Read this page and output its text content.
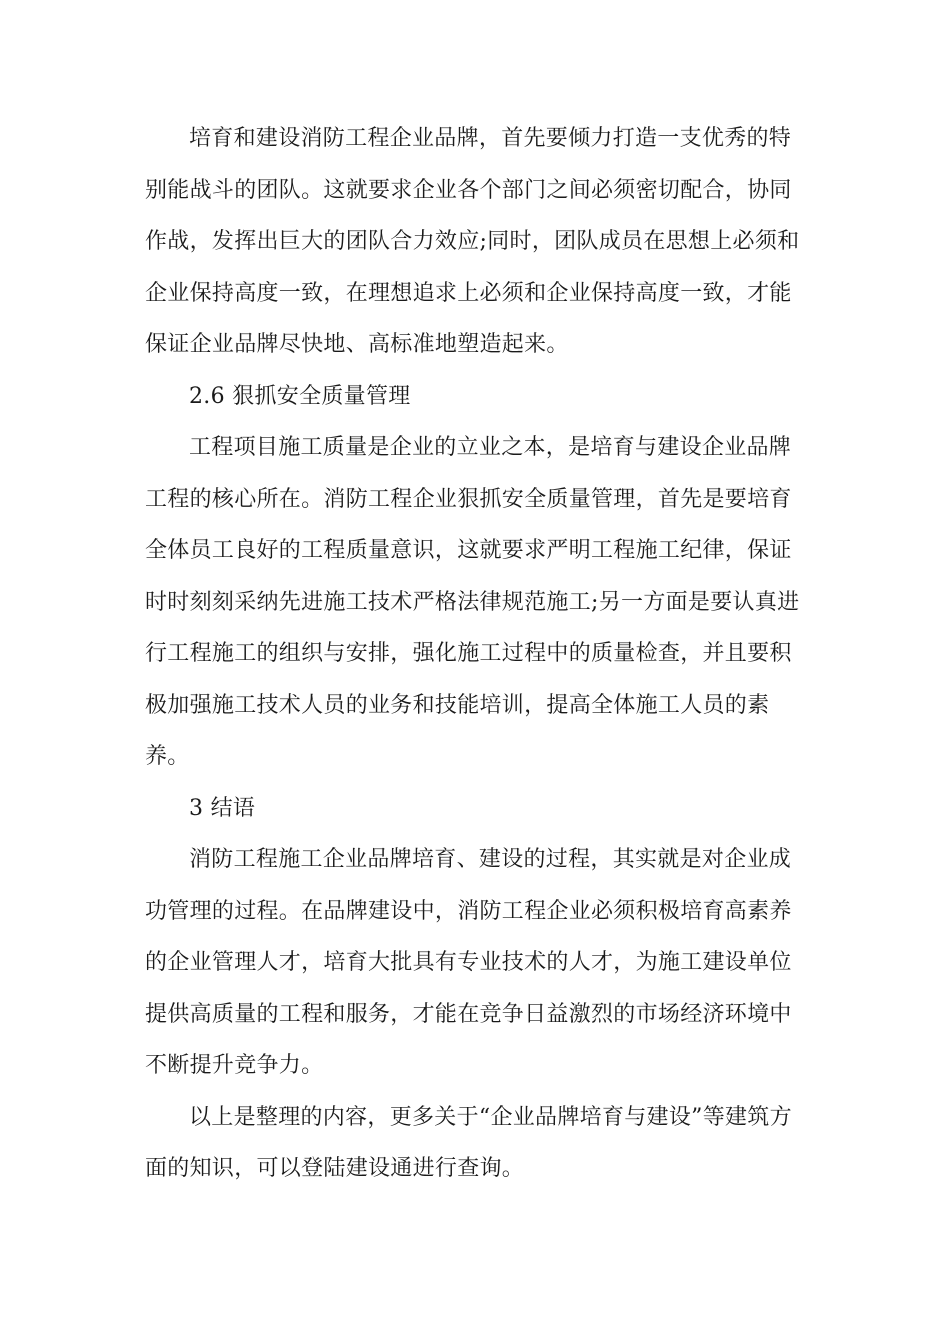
培育和建设消防工程企业品牌，首先要倾力打造一支优秀的特
别能战斗的团队。这就要求企业各个部门之间必须密切配合，协同
作战，发挥出巨大的团队合力效应;同时，团队成员在思想上必须和
企业保持高度一致，在理想追求上必须和企业保持高度一致，才能
保证企业品牌尽快地、高标准地塑造起来。
2.6 狠抓安全质量管理
工程项目施工质量是企业的立业之本，是培育与建设企业品牌
工程的核心所在。消防工程企业狠抓安全质量管理，首先是要培育
全体员工良好的工程质量意识，这就要求严明工程施工纪律，保证
时时刻刻采纳先进施工技术严格法律规范施工;另一方面是要认真进
行工程施工的组织与安排，强化施工过程中的质量检查，并且要积
极加强施工技术人员的业务和技能培训，提高全体施工人员的素
养。
3 结语
消防工程施工企业品牌培育、建设的过程，其实就是对企业成
功管理的过程。在品牌建设中，消防工程企业必须积极培育高素养
的企业管理人才，培育大批具有专业技术的人才，为施工建设单位
提供高质量的工程和服务，才能在竞争日益激烈的市场经济环境中
不断提升竞争力。
以上是整理的内容，更多关于“企业品牌培育与建设”等建筑方
面的知识，可以登陆建设通进行查询。
